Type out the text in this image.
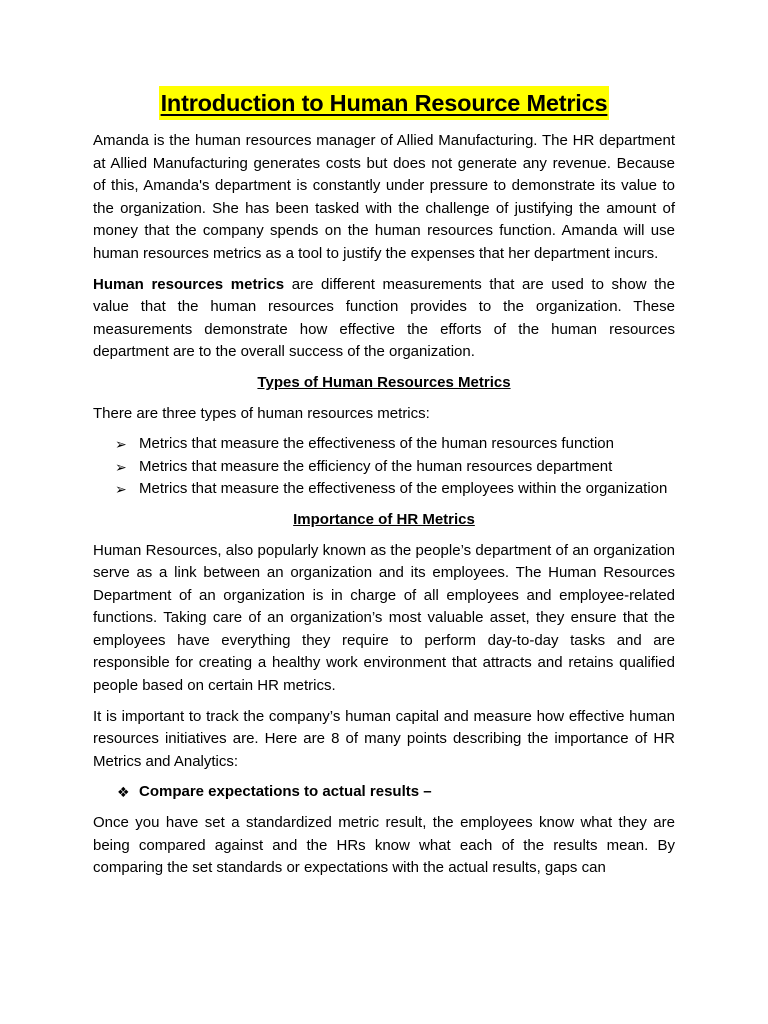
Introduction to Human Resource Metrics

Amanda is the human resources manager of Allied Manufacturing. The HR department at Allied Manufacturing generates costs but does not generate any revenue. Because of this, Amanda's department is constantly under pressure to demonstrate its value to the organization. She has been tasked with the challenge of justifying the amount of money that the company spends on the human resources function. Amanda will use human resources metrics as a tool to justify the expenses that her department incurs.

Human resources metrics are different measurements that are used to show the value that the human resources function provides to the organization. These measurements demonstrate how effective the efforts of the human resources department are to the overall success of the organization.

Types of Human Resources Metrics

There are three types of human resources metrics:

➢ Metrics that measure the effectiveness of the human resources function
➢ Metrics that measure the efficiency of the human resources department
➢ Metrics that measure the effectiveness of the employees within the organization
Importance of HR Metrics

Human Resources, also popularly known as the people’s department of an organization serve as a link between an organization and its employees. The Human Resources Department of an organization is in charge of all employees and employee-related functions. Taking care of an organization’s most valuable asset, they ensure that the employees have everything they require to perform day-to-day tasks and are responsible for creating a healthy work environment that attracts and retains qualified people based on certain HR metrics.

It is important to track the company’s human capital and measure how effective human resources initiatives are. Here are 8 of many points describing the importance of HR Metrics and Analytics:

❖ Compare expectations to actual results –

Once you have set a standardized metric result, the employees know what they are being compared against and the HRs know what each of the results mean. By comparing the set standards or expectations with the actual results, gaps can
